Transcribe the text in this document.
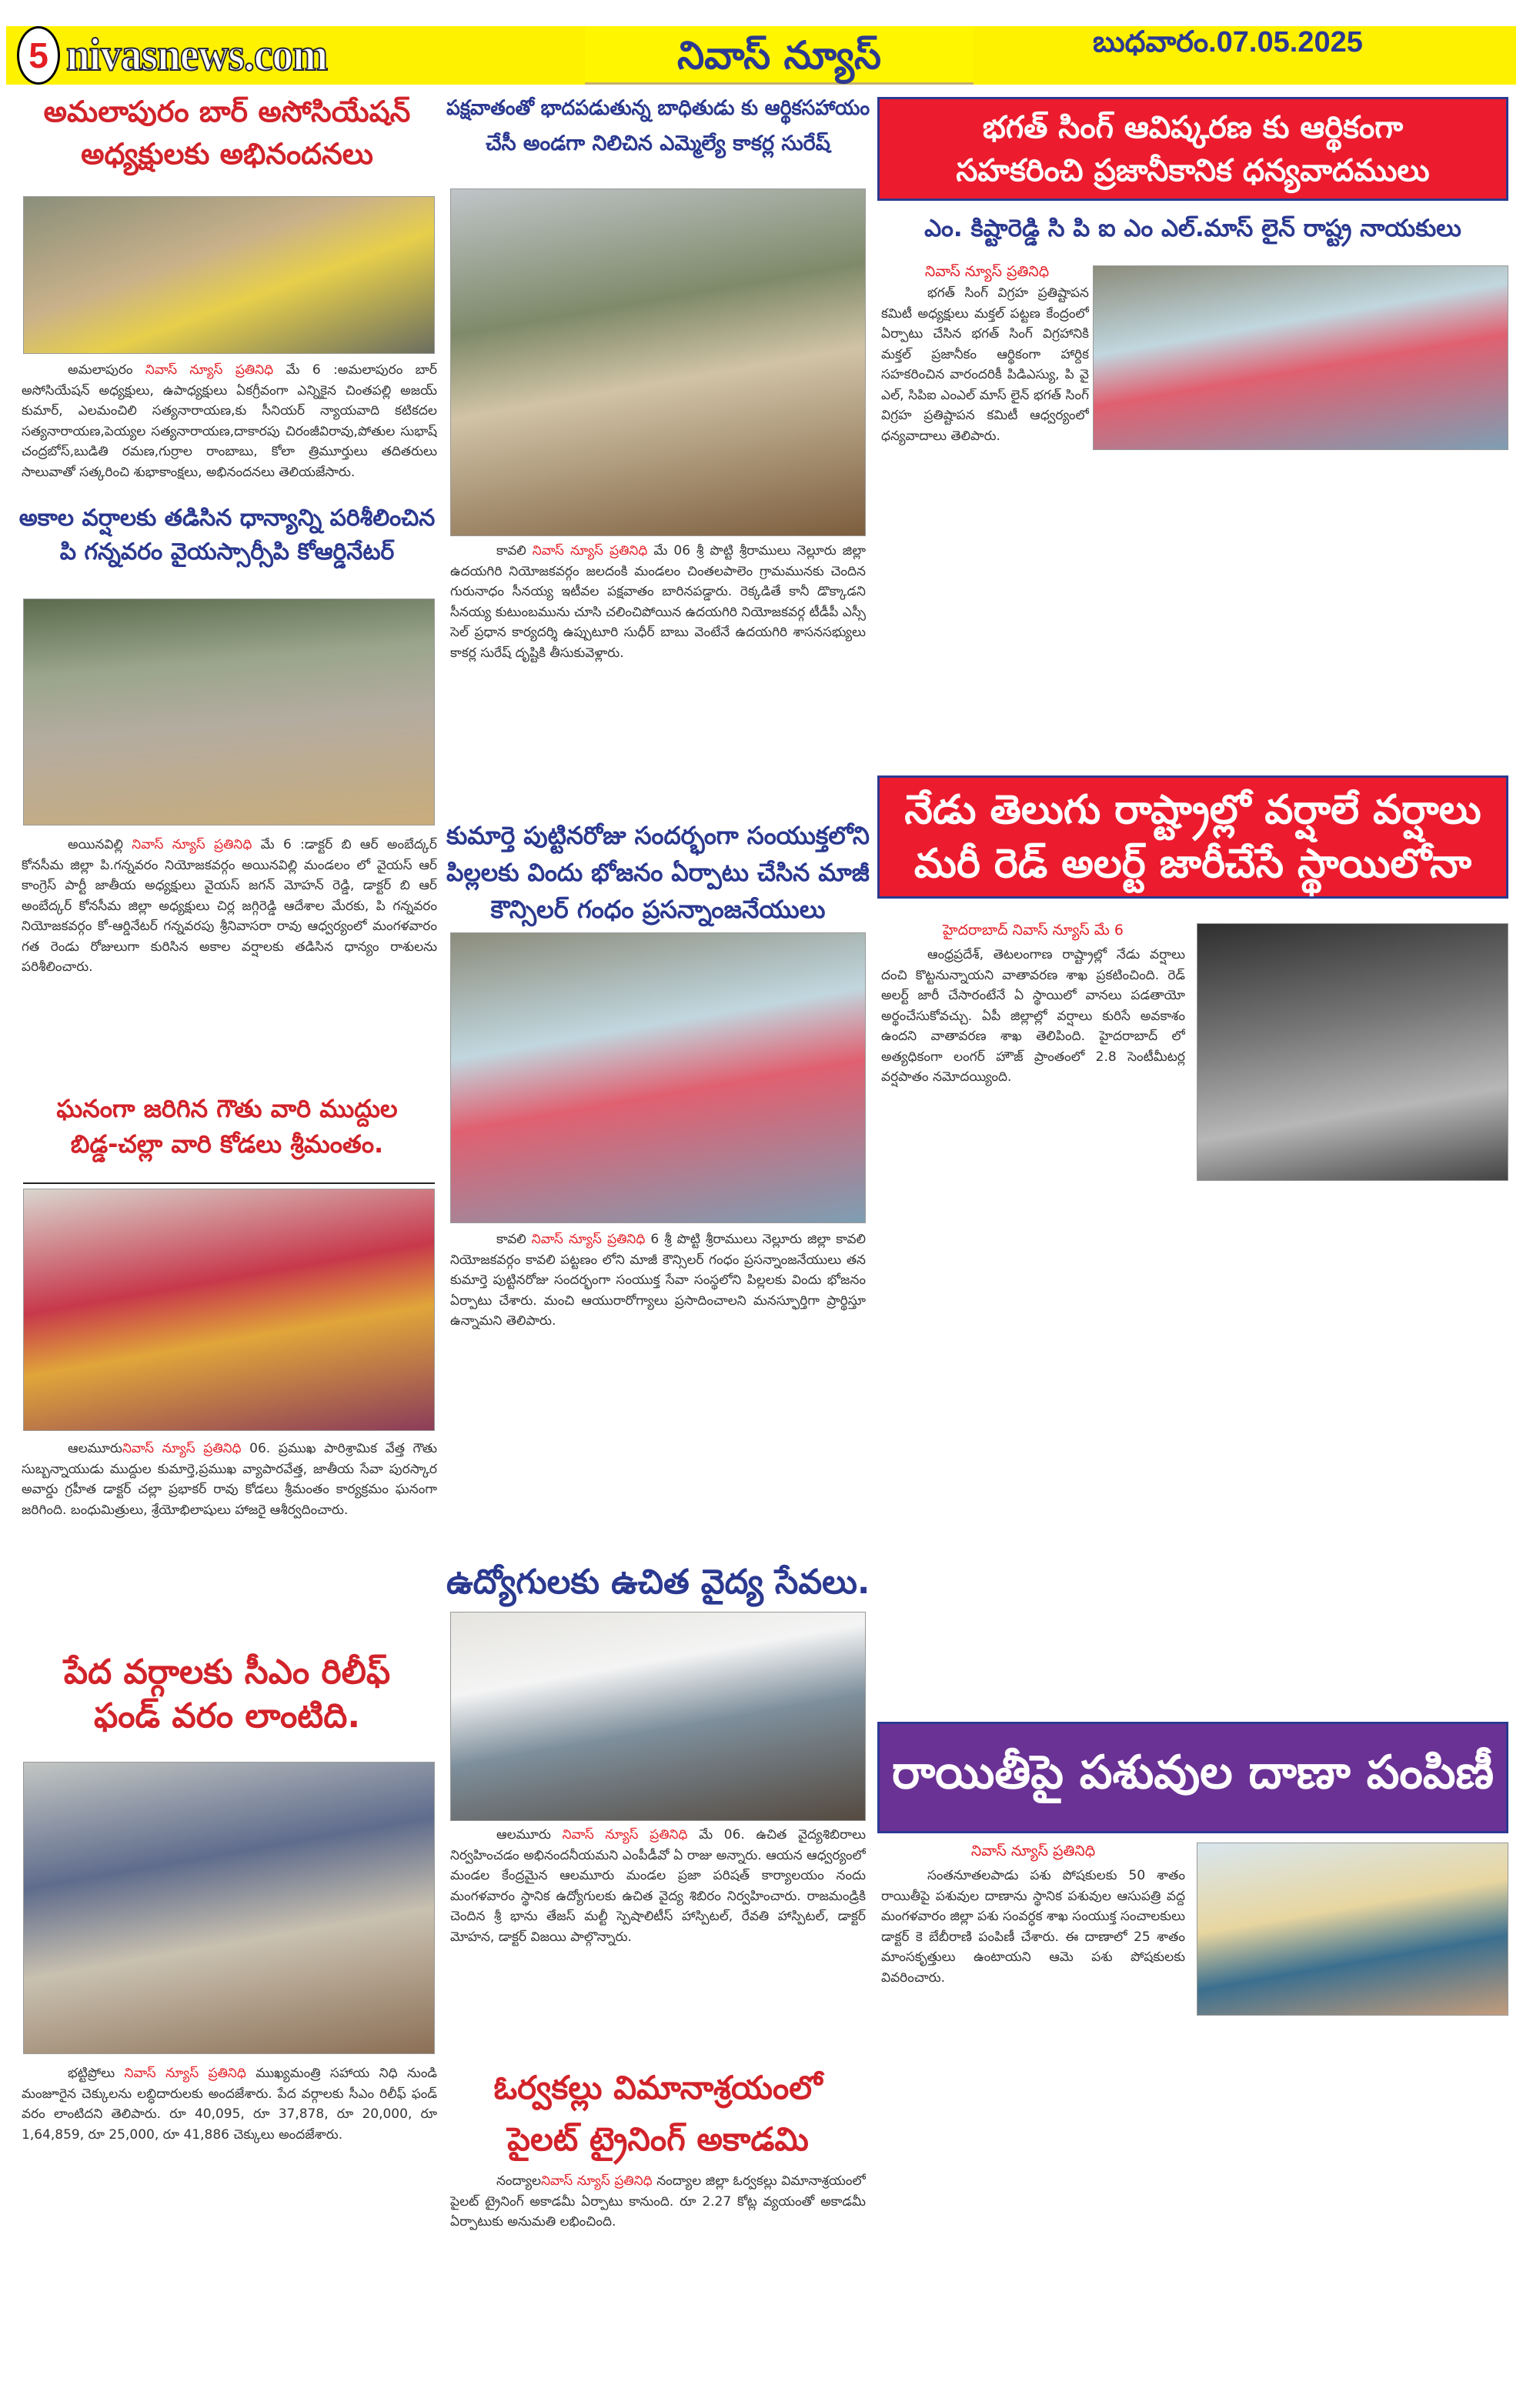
5 nivasnews.com	నివాస్ న్యూస్	బుధవారం.07.05.2025
అమలాపురం బార్ అసోసియేషన్
అధ్యక్షులకు అభినందనలు
అమలాపురం నివాస్ న్యూస్ ప్రతినిధి మే 6 :అమలాపురం బార్ అసోసియేషన్ అధ్యక్షులు, ఉపాధ్యక్షులు ఏకగ్రీవంగా ఎన్నికైన చింతపల్లి అజయ్ కుమార్, ఎలమంచిలి సత్యనారాయణ,కు సీనియర్ న్యాయవాది కటికదల సత్యనారాయణ,పెయ్యల సత్యనారాయణ,దాకారపు చిరంజీవిరావు,పోతుల సుభాష్ చంద్రబోస్,బుడితి రమణ,గుర్రాల రాంబాబు, కోలా త్రిమూర్తులు తదితరులు సాలువాతో సత్కరించి శుభాకాంక్షలు, అభినందనలు తెలియజేసారు.
అకాల వర్షాలకు తడిసిన ధాన్యాన్ని పరిశీలించిన
పి గన్నవరం వైయస్సార్సీపి కోఆర్డినేటర్
అయినవిల్లి నివాస్ న్యూస్ ప్రతినిధి మే 6 :డాక్టర్ బి ఆర్ అంబేద్కర్ కోనసీమ జిల్లా పి.గన్నవరం నియోజకవర్గం అయినవిల్లి మండలం లో వైయస్ ఆర్ కాంగ్రెస్ పార్టీ జాతీయ అధ్యక్షులు వైయస్ జగన్ మోహన్ రెడ్డి, డాక్టర్ బి ఆర్ అంబేద్కర్ కోనసీమ జిల్లా అధ్యక్షులు చిర్ల జగ్గిరెడ్డి ఆదేశాల మేరకు, పి గన్నవరం నియోజకవర్గం కో-ఆర్డినేటర్ గన్నవరపు శ్రీనివాసరా రావు ఆధ్వర్యంలో మంగళవారం గత రెండు రోజులుగా కురిసిన అకాల వర్షాలకు తడిసిన ధాన్యం రాశులను పరిశీలించారు.
ఘనంగా జరిగిన గౌతు వారి ముద్దుల
బిడ్డ-చల్లా వారి కోడలు శ్రీమంతం.
ఆలమూరునివాస్ న్యూస్ ప్రతినిధి 06. ప్రముఖ పారిశ్రామిక వేత్త గౌతు సుబ్బన్నాయుడు ముద్దుల కుమార్తె,ప్రముఖ వ్యాపారవేత్త, జాతీయ సేవా పురస్కార అవార్డు గ్రహీత డాక్టర్ చల్లా ప్రభాకర్ రావు కోడలు శ్రీమంతం కార్యక్రమం ఘనంగా జరిగింది. బంధుమిత్రులు, శ్రేయోభిలాషులు హాజరై ఆశీర్వదించారు.
పేద వర్గాలకు సీఎం రిలీఫ్
ఫండ్ వరం లాంటిది.
భట్టిప్రోలు నివాస్ న్యూస్ ప్రతినిధి ముఖ్యమంత్రి సహాయ నిధి నుండి మంజూరైన చెక్కులను లబ్ధిదారులకు అందజేశారు. పేద వర్గాలకు సీఎం రిలీఫ్ ఫండ్ వరం లాంటిదని తెలిపారు. రూ 40,095, రూ 37,878, రూ 20,000, రూ 1,64,859, రూ 25,000, రూ 41,886 చెక్కులు అందజేశారు.
పక్షవాతంతో భాదపడుతున్న బాధితుడు కు ఆర్థికసహాయం
చేసీ అండగా నిలిచిన ఎమ్మెల్యే కాకర్ల సురేష్
కావలి నివాస్ న్యూస్ ప్రతినిధి మే 06 శ్రీ పొట్టి శ్రీరాములు నెల్లూరు జిల్లా ఉదయగిరి నియోజకవర్గం జలదంకి మండలం చింతలపాలెం గ్రామమునకు చెందిన గురునాధం సీనయ్య ఇటీవల పక్షవాతం బారినపడ్డారు. రెక్కడితే కానీ డొక్కాడని సీనయ్య కుటుంబమును చూసి చలించిపోయిన ఉదయగిరి నియోజకవర్గ టీడీపీ ఎస్సీ సెల్ ప్రధాన కార్యదర్శి ఉప్పుటూరి సుధీర్ బాబు వెంటేనే ఉదయగిరి శాసనసభ్యులు కాకర్ల సురేష్ దృష్టికి తీసుకువెళ్లారు.
కుమార్తె పుట్టినరోజు సందర్భంగా సంయుక్తలోని
పిల్లలకు విందు భోజనం ఏర్పాటు చేసిన మాజీ
కౌన్సిలర్ గంధం ప్రసన్నాంజనేయులు
కావలి నివాస్ న్యూస్ ప్రతినిధి 6 శ్రీ పొట్టి శ్రీరాములు నెల్లూరు జిల్లా కావలి నియోజకవర్గం కావలి పట్టణం లోని మాజీ కౌన్సిలర్ గంధం ప్రసన్నాంజనేయులు తన కుమార్తె పుట్టినరోజు సందర్భంగా సంయుక్త సేవా సంస్థలోని పిల్లలకు విందు భోజనం ఏర్పాటు చేశారు. మంచి ఆయురారోగ్యాలు ప్రసాదించాలని మనస్ఫూర్తిగా ప్రార్థిస్తూ ఉన్నామని తెలిపారు.
ఉద్యోగులకు ఉచిత వైద్య సేవలు.
ఆలమూరు నివాస్ న్యూస్ ప్రతినిధి మే 06. ఉచిత వైద్యశిబిరాలు నిర్వహించడం అభినందనీయమని ఎంపీడీవో ఏ రాజు అన్నారు. ఆయన ఆధ్వర్యంలో మండల కేంద్రమైన ఆలమూరు మండల ప్రజా పరిషత్ కార్యాలయం నందు మంగళవారం స్థానిక ఉద్యోగులకు ఉచిత వైద్య శిబిరం నిర్వహించారు. రాజమండ్రికి చెందిన శ్రీ భాను తేజస్ మల్టీ స్పెషాలిటీస్ హాస్పిటల్, రేవతి హాస్పిటల్, డాక్టర్ మోహన, డాక్టర్ విజయి పాల్గొన్నారు.
ఓర్వకల్లు విమానాశ్రయంలో
పైలట్ ట్రైనింగ్ అకాడమి
నంద్యాలనివాస్ న్యూస్ ప్రతినిధి నంద్యాల జిల్లా ఓర్వకల్లు విమానాశ్రయంలో పైలట్ ట్రైనింగ్ అకాడమీ ఏర్పాటు కానుంది. రూ 2.27 కోట్ల వ్యయంతో అకాడమీ ఏర్పాటుకు అనుమతి లభించింది.
భగత్ సింగ్ ఆవిష్కరణ కు ఆర్థికంగా
సహకరించి ప్రజానీకానిక ధన్యవాదములు
ఎం. కిష్టారెడ్డి సి పి ఐ ఎం ఎల్.మాస్ లైన్ రాష్ట్ర నాయకులు
నివాస్ న్యూస్ ప్రతినిధి
భగత్ సింగ్ విగ్రహ ప్రతిష్టాపన కమిటీ అధ్యక్షులు మక్తల్ పట్టణ కేంద్రంలో ఏర్పాటు చేసిన భగత్ సింగ్ విగ్రహానికి మక్తల్ ప్రజానీకం ఆర్థికంగా హార్దిక సహకరించిన వారందరికీ పిడిఎస్యు, పి వై ఎల్, సిపిఐ ఎంఎల్ మాస్ లైన్ భగత్ సింగ్ విగ్రహ ప్రతిష్టాపన కమిటీ ఆధ్వర్యంలో ధన్యవాదాలు తెలిపారు.
నేడు తెలుగు రాష్ట్రాల్లో వర్షాలే వర్షాలు
మరీ రెడ్ అలర్ట్ జారీచేసే స్థాయిలోనా
హైదరాబాద్ నివాస్ న్యూస్ మే 6
ఆంధ్రప్రదేశ్, తెటలంగాణ రాష్ట్రాల్లో నేడు వర్షాలు దంచి కొట్టనున్నాయని వాతావరణ శాఖ ప్రకటించింది. రెడ్ అలర్ట్ జారీ చేసారంటేనే ఏ స్థాయిలో వానలు పడతాయో అర్థంచేసుకోవచ్చు. ఏపీ జిల్లాల్లో వర్షాలు కురిసే అవకాశం ఉందని వాతావరణ శాఖ తెలిపింది. హైదరాబాద్ లో అత్యధికంగా లంగర్ హౌజ్ ప్రాంతంలో 2.8 సెంటీమీటర్ల వర్షపాతం నమోదయ్యింది.
రాయితీపై పశువుల దాణా పంపిణీ
నివాస్ న్యూస్ ప్రతినిధి
సంతనూతలపాడు పశు పోషకులకు 50 శాతం రాయితీపై పశువుల దాణాను స్థానిక పశువుల ఆసుపత్రి వద్ద మంగళవారం జిల్లా పశు సంవర్ధక శాఖ సంయుక్త సంచాలకులు డాక్టర్ కె బేబీరాణి పంపిణీ చేశారు. ఈ దాణాలో 25 శాతం మాంసకృత్తులు ఉంటాయని ఆమె పశు పోషకులకు వివరించారు.
